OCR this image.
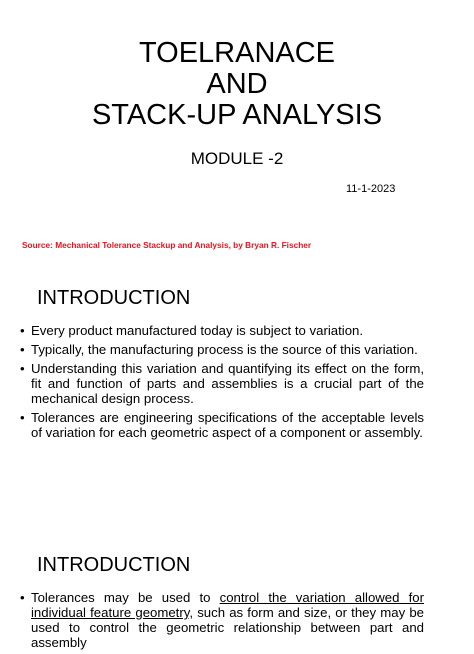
TOELRANACE
AND
STACK-UP ANALYSIS
MODULE -2
11-1-2023
Source: Mechanical Tolerance Stackup and Analysis, by Bryan R. Fischer
INTRODUCTION
• Every product manufactured today is subject to variation.
• Typically, the manufacturing process is the source of this variation.
• Understanding this variation and quantifying its effect on the form, fit and function of parts and assemblies is a crucial part of the mechanical design process.
• Tolerances are engineering specifications of the acceptable levels of variation for each geometric aspect of a component or assembly.
INTRODUCTION
• Tolerances may be used to control the variation allowed for individual feature geometry, such as form and size, or they may be used to control the geometric relationship between part and assembly
